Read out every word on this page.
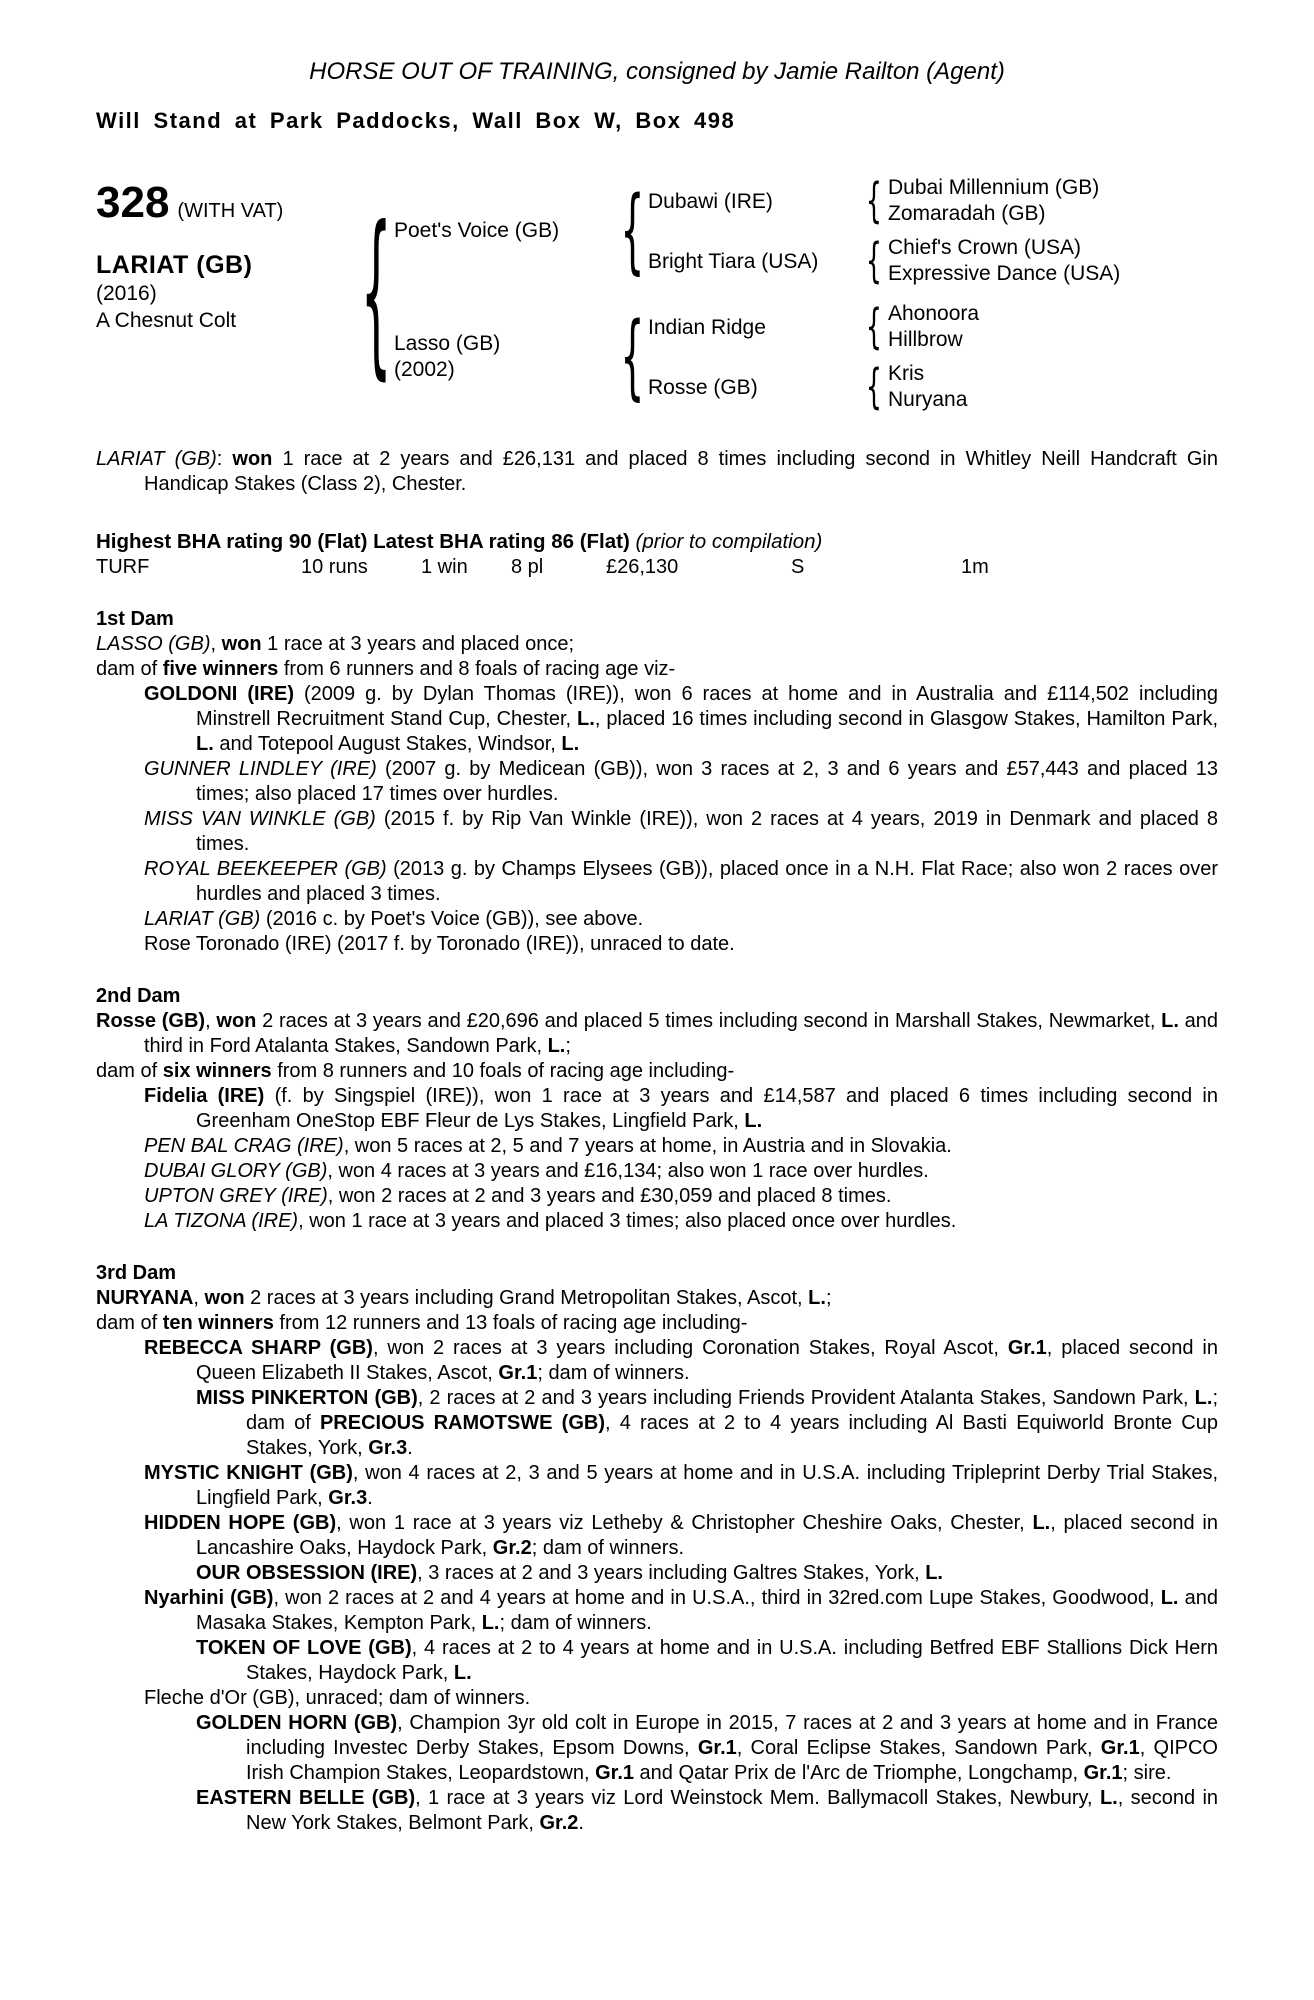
HORSE OUT OF TRAINING, consigned by Jamie Railton (Agent)
Will Stand at Park Paddocks, Wall Box W, Box 498
328 (WITH VAT)
LARIAT (GB)
(2016)
A Chesnut Colt	{ Poet's Voice (GB)	{ Dubawi (IRE)	{ Dubai Millennium (GB)
Zomaradah (GB)
Bright Tiara (USA)	{ Chief's Crown (USA)
Expressive Dance (USA)
Lasso (GB)
(2002)	{ Indian Ridge	{ Ahonoora
Hillbrow
Rosse (GB)	{ Kris
Nuryana
LARIAT (GB): won 1 race at 2 years and £26,131 and placed 8 times including second in Whitley Neill Handcraft Gin Handicap Stakes (Class 2), Chester.
Highest BHA rating 90 (Flat) Latest BHA rating 86 (Flat) (prior to compilation)
TURF	10 runs	1 win	8 pl	£26,130	S	1m
1st Dam
LASSO (GB), won 1 race at 3 years and placed once;
dam of five winners from 6 runners and 8 foals of racing age viz-
GOLDONI (IRE) (2009 g. by Dylan Thomas (IRE)), won 6 races at home and in Australia and £114,502 including Minstrell Recruitment Stand Cup, Chester, L., placed 16 times including second in Glasgow Stakes, Hamilton Park, L. and Totepool August Stakes, Windsor, L.
GUNNER LINDLEY (IRE) (2007 g. by Medicean (GB)), won 3 races at 2, 3 and 6 years and £57,443 and placed 13 times; also placed 17 times over hurdles.
MISS VAN WINKLE (GB) (2015 f. by Rip Van Winkle (IRE)), won 2 races at 4 years, 2019 in Denmark and placed 8 times.
ROYAL BEEKEEPER (GB) (2013 g. by Champs Elysees (GB)), placed once in a N.H. Flat Race; also won 2 races over hurdles and placed 3 times.
LARIAT (GB) (2016 c. by Poet's Voice (GB)), see above.
Rose Toronado (IRE) (2017 f. by Toronado (IRE)), unraced to date.
2nd Dam
Rosse (GB), won 2 races at 3 years and £20,696 and placed 5 times including second in Marshall Stakes, Newmarket, L. and third in Ford Atalanta Stakes, Sandown Park, L.;
dam of six winners from 8 runners and 10 foals of racing age including-
Fidelia (IRE) (f. by Singspiel (IRE)), won 1 race at 3 years and £14,587 and placed 6 times including second in Greenham OneStop EBF Fleur de Lys Stakes, Lingfield Park, L.
PEN BAL CRAG (IRE), won 5 races at 2, 5 and 7 years at home, in Austria and in Slovakia.
DUBAI GLORY (GB), won 4 races at 3 years and £16,134; also won 1 race over hurdles.
UPTON GREY (IRE), won 2 races at 2 and 3 years and £30,059 and placed 8 times.
LA TIZONA (IRE), won 1 race at 3 years and placed 3 times; also placed once over hurdles.
3rd Dam
NURYANA, won 2 races at 3 years including Grand Metropolitan Stakes, Ascot, L.;
dam of ten winners from 12 runners and 13 foals of racing age including-
REBECCA SHARP (GB), won 2 races at 3 years including Coronation Stakes, Royal Ascot, Gr.1, placed second in Queen Elizabeth II Stakes, Ascot, Gr.1; dam of winners.
MISS PINKERTON (GB), 2 races at 2 and 3 years including Friends Provident Atalanta Stakes, Sandown Park, L.; dam of PRECIOUS RAMOTSWE (GB), 4 races at 2 to 4 years including Al Basti Equiworld Bronte Cup Stakes, York, Gr.3.
MYSTIC KNIGHT (GB), won 4 races at 2, 3 and 5 years at home and in U.S.A. including Tripleprint Derby Trial Stakes, Lingfield Park, Gr.3.
HIDDEN HOPE (GB), won 1 race at 3 years viz Letheby & Christopher Cheshire Oaks, Chester, L., placed second in Lancashire Oaks, Haydock Park, Gr.2; dam of winners.
OUR OBSESSION (IRE), 3 races at 2 and 3 years including Galtres Stakes, York, L.
Nyarhini (GB), won 2 races at 2 and 4 years at home and in U.S.A., third in 32red.com Lupe Stakes, Goodwood, L. and Masaka Stakes, Kempton Park, L.; dam of winners.
TOKEN OF LOVE (GB), 4 races at 2 to 4 years at home and in U.S.A. including Betfred EBF Stallions Dick Hern Stakes, Haydock Park, L.
Fleche d'Or (GB), unraced; dam of winners.
GOLDEN HORN (GB), Champion 3yr old colt in Europe in 2015, 7 races at 2 and 3 years at home and in France including Investec Derby Stakes, Epsom Downs, Gr.1, Coral Eclipse Stakes, Sandown Park, Gr.1, QIPCO Irish Champion Stakes, Leopardstown, Gr.1 and Qatar Prix de l'Arc de Triomphe, Longchamp, Gr.1; sire.
EASTERN BELLE (GB), 1 race at 3 years viz Lord Weinstock Mem. Ballymacoll Stakes, Newbury, L., second in New York Stakes, Belmont Park, Gr.2.
